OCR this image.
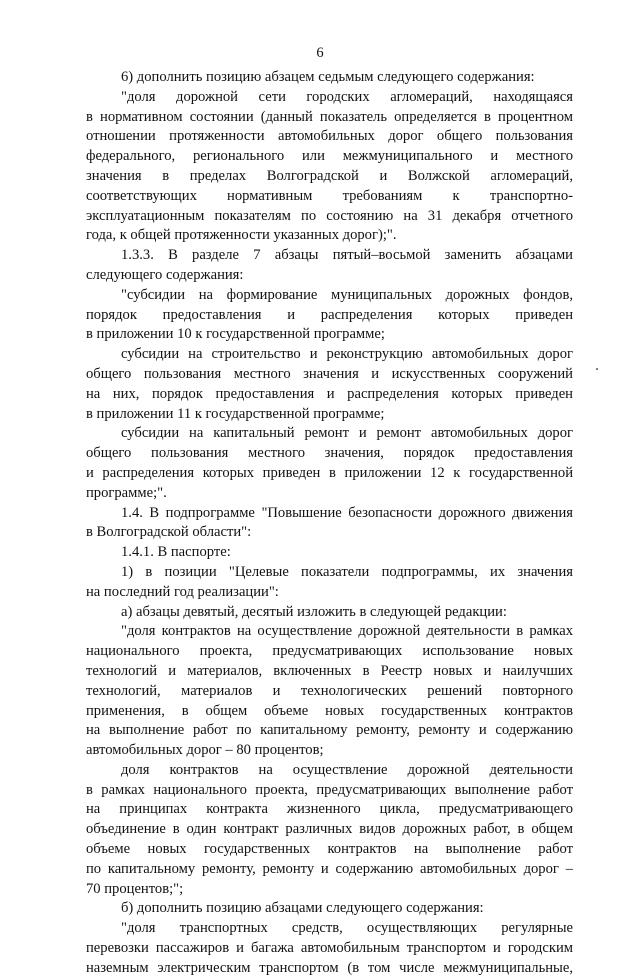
6
6) дополнить позицию абзацем седьмым следующего содержания:
"доля дорожной сети городских агломераций, находящаяся
в нормативном состоянии (данный показатель определяется в процентном
отношении протяженности автомобильных дорог общего пользования
федерального, регионального или межмуниципального и местного
значения в пределах Волгоградской и Волжской агломераций,
соответствующих нормативным требованиям к транспортно-
эксплуатационным показателям по состоянию на 31 декабря отчетного
года, к общей протяженности указанных дорог);".
1.3.3. В разделе 7 абзацы пятый–восьмой заменить абзацами
следующего содержания:
"субсидии на формирование муниципальных дорожных фондов,
порядок предоставления и распределения которых приведен
в приложении 10 к государственной программе;
субсидии на строительство и реконструкцию автомобильных дорог
общего пользования местного значения и искусственных сооружений
на них, порядок предоставления и распределения которых приведен
в приложении 11 к государственной программе;
субсидии на капитальный ремонт и ремонт автомобильных дорог
общего пользования местного значения, порядок предоставления
и распределения которых приведен в приложении 12 к государственной
программе;".
1.4. В подпрограмме "Повышение безопасности дорожного движения
в Волгоградской области":
1.4.1. В паспорте:
1) в позиции "Целевые показатели подпрограммы, их значения
на последний год реализации":
а) абзацы девятый, десятый изложить в следующей редакции:
"доля контрактов на осуществление дорожной деятельности в рамках
национального проекта, предусматривающих использование новых
технологий и материалов, включенных в Реестр новых и наилучших
технологий, материалов и технологических решений повторного
применения, в общем объеме новых государственных контрактов
на выполнение работ по капитальному ремонту, ремонту и содержанию
автомобильных дорог – 80 процентов;
доля контрактов на осуществление дорожной деятельности
в рамках национального проекта, предусматривающих выполнение работ
на принципах контракта жизненного цикла, предусматривающего
объединение в один контракт различных видов дорожных работ, в общем
объеме новых государственных контрактов на выполнение работ
по капитальному ремонту, ремонту и содержанию автомобильных дорог –
70 процентов;";
б) дополнить позицию абзацами следующего содержания:
"доля транспортных средств, осуществляющих регулярные
перевозки пассажиров и багажа автомобильным транспортом и городским
наземным электрическим транспортом (в том числе межмуниципальные,
